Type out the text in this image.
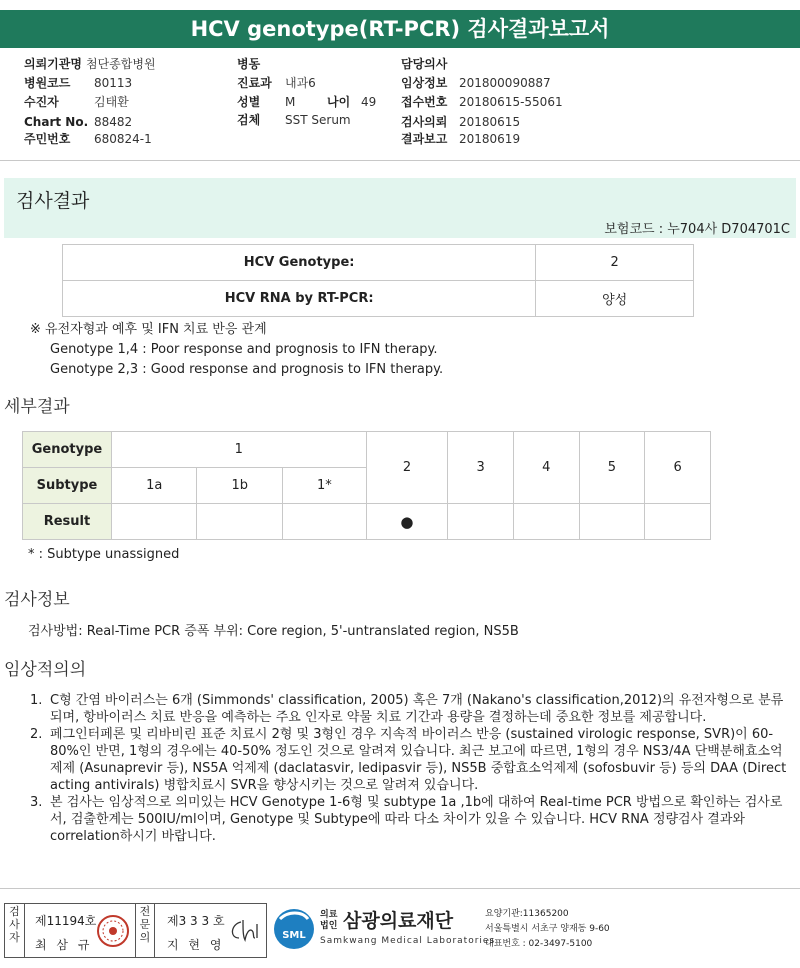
HCV genotype(RT-PCR) 검사결과보고서
의뢰기관명 첨단종합병원
병원코드 80113
수진자	김태환
Chart No. 88482
주민번호 680824-1
병동
진료과 내과6
성별 M	나이 49
검체 SST Serum
담당의사
임상정보 201800090887
접수번호 20180615-55061
검사의뢰 20180615
결과보고 20180619
검사결과
보험코드 : 누704사 D704701C
HCV Genotype:	2
HCV RNA by RT-PCR:	양성
※ 유전자형과 예후 및 IFN 치료 반응 관계
Genotype 1,4 : Poor response and prognosis to IFN therapy.
Genotype 2,3 : Good response and prognosis to IFN therapy.
세부결과
Genotype	1			2	3	4	5	6
Subtype	1a	1b	1*					
Result				●				
* : Subtype unassigned
검사정보
검사방법: Real-Time PCR 증폭 부위: Core region, 5'-untranslated region, NS5B
임상적의의
1. C형 간염 바이러스는 6개 (Simmonds' classification, 2005) 혹은 7개 (Nakano's classification,2012)의 유전자형으로 분류되며, 항바이러스 치료 반응을 예측하는 주요 인자로 약물 치료 기간과 용량을 결정하는데 중요한 정보를 제공합니다.
2. 페그인터페론 및 리바비린 표준 치료시 2형 및 3형인 경우 지속적 바이러스 반응 (sustained virologic response, SVR)이 60-80%인 반면, 1형의 경우에는 40-50% 정도인 것으로 알려져 있습니다. 최근 보고에 따르면, 1형의 경우 NS3/4A 단백분해효소억제제 (Asunaprevir 등), NS5A 억제제 (daclatasvir, ledipasvir 등), NS5B 중합효소억제제 (sofosbuvir 등) 등의 DAA (Direct acting antivirals) 병합치료시 SVR을 향상시키는 것으로 알려져 있습니다.
3. 본 검사는 임상적으로 의미있는 HCV Genotype 1-6형 및 subtype 1a ,1b에 대하여 Real-time PCR 방법으로 확인하는 검사로서, 검출한계는 500IU/ml이며, Genotype 및 Subtype에 따라 다소 차이가 있을 수 있습니다. HCV RNA 정량검사 결과와 correlation하시기 바랍니다.
검사자
제11194호
최 삼 규
전문의
제3 3 3 호
지 현 영
SML
의료법인 삼광의료재단
Samkwang Medical Laboratories
요양기관:11365200
서울특별시 서초구 양재동 9-60
대표번호 : 02-3497-5100
